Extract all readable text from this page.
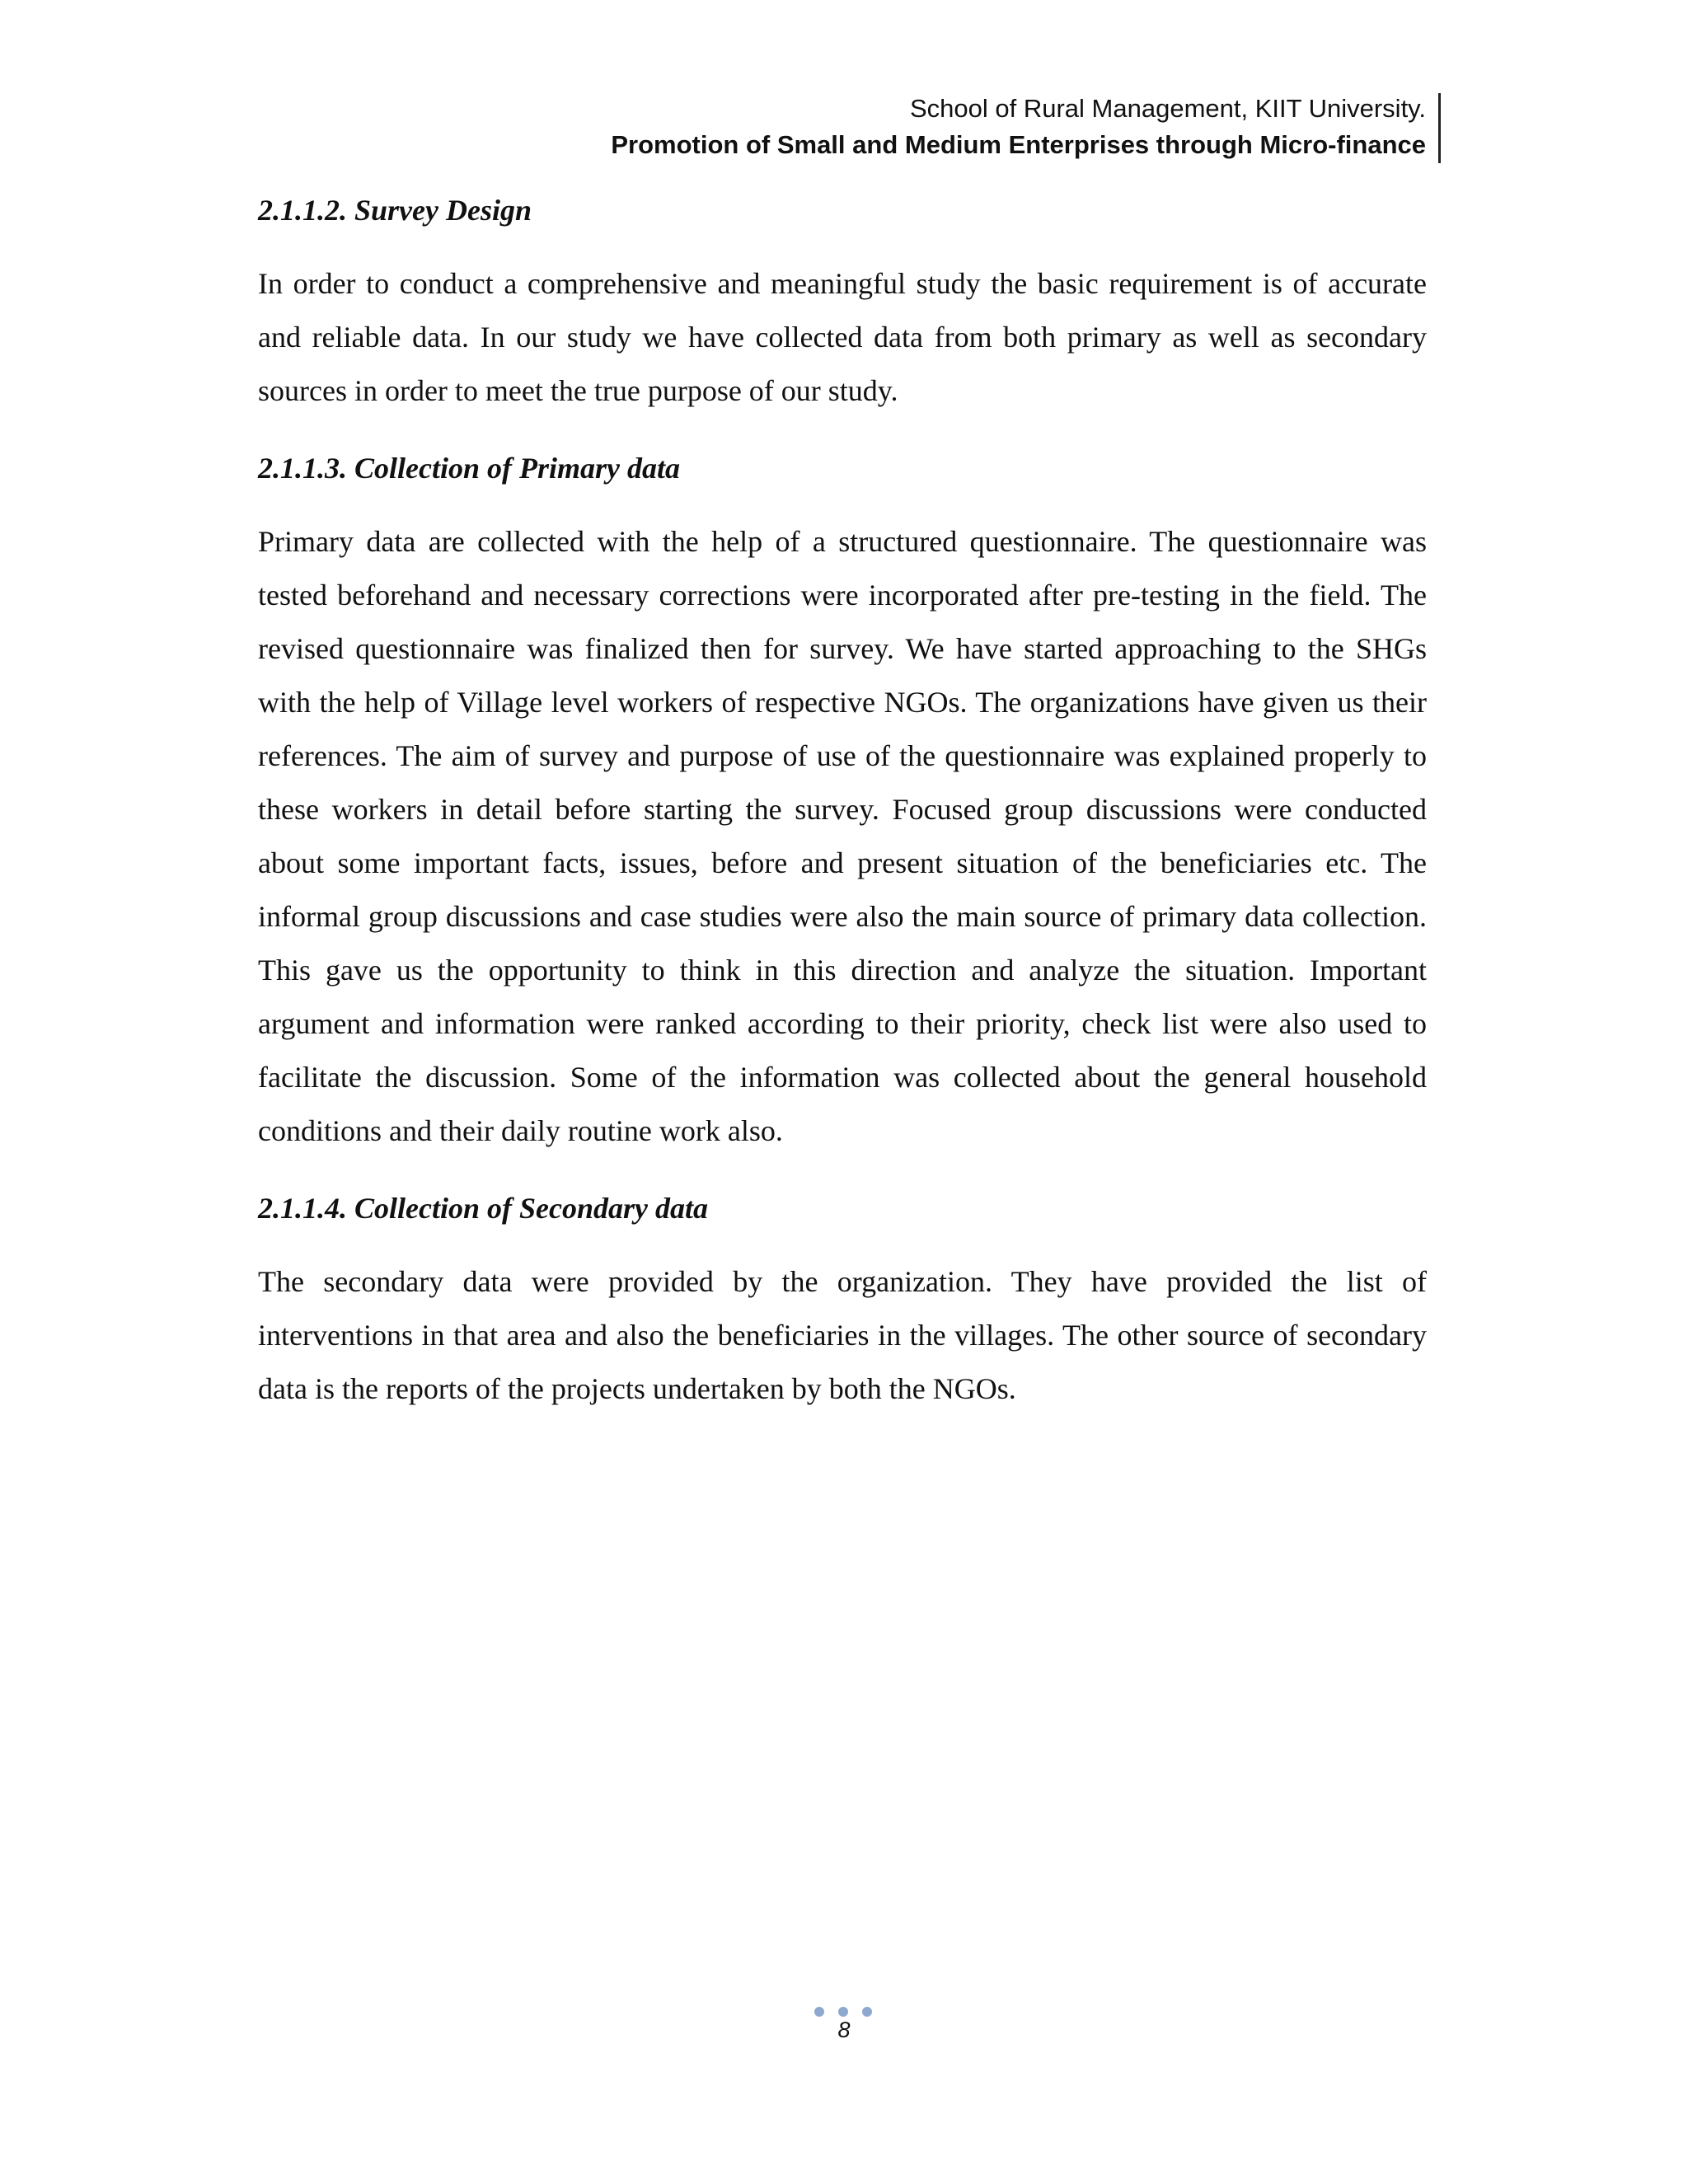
School of Rural Management, KIIT University.
Promotion of Small and Medium Enterprises through Micro-finance

2.1.1.2. Survey Design

In order to conduct a comprehensive and meaningful study the basic requirement is of accurate and reliable data. In our study we have collected data from both primary as well as secondary sources in order to meet the true purpose of our study.

2.1.1.3. Collection of Primary data

Primary data are collected with the help of a structured questionnaire. The questionnaire was tested beforehand and necessary corrections were incorporated after pre-testing in the field. The revised questionnaire was finalized then for survey. We have started approaching to the SHGs with the help of Village level workers of respective NGOs. The organizations have given us their references. The aim of survey and purpose of use of the questionnaire was explained properly to these workers in detail before starting the survey. Focused group discussions were conducted about some important facts, issues, before and present situation of the beneficiaries etc. The informal group discussions and case studies were also the main source of primary data collection. This gave us the opportunity to think in this direction and analyze the situation. Important argument and information were ranked according to their priority, check list were also used to facilitate the discussion. Some of the information was collected about the general household conditions and their daily routine work also.

2.1.1.4. Collection of Secondary data

The secondary data were provided by the organization. They have provided the list of interventions in that area and also the beneficiaries in the villages. The other source of secondary data is the reports of the projects undertaken by both the NGOs.

8
